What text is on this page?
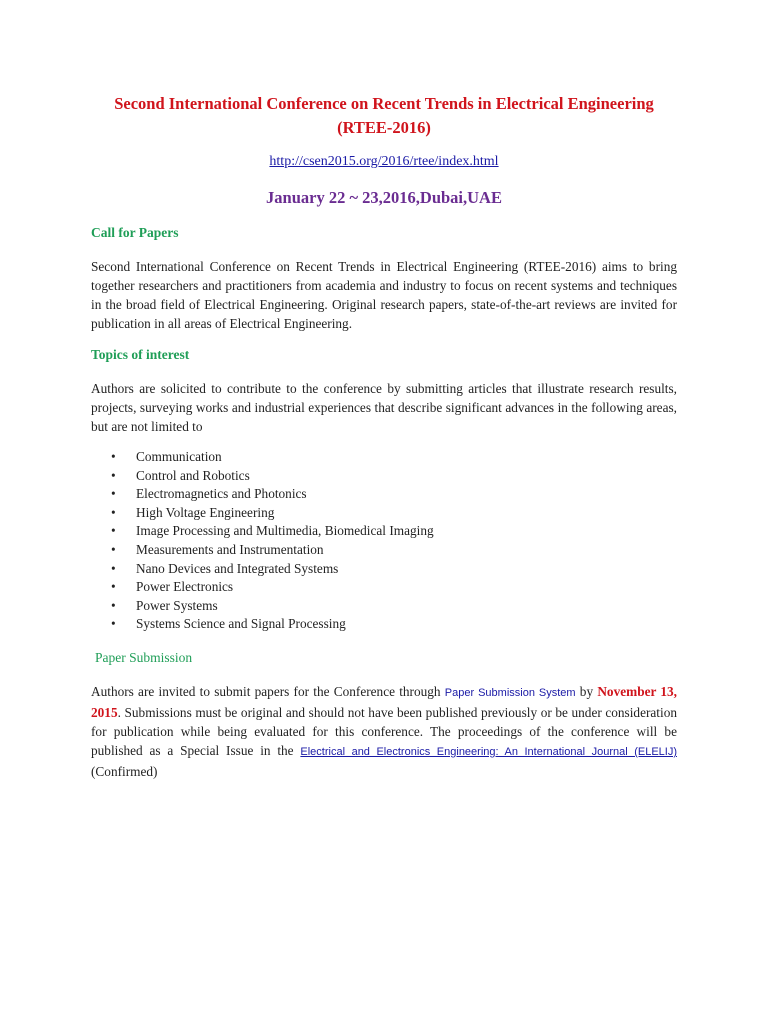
Second International Conference on Recent Trends in Electrical Engineering
(RTEE-2016)
http://csen2015.org/2016/rtee/index.html
January 22 ~ 23,2016,Dubai,UAE
Call for Papers
Second International Conference on Recent Trends in Electrical Engineering (RTEE-2016) aims to bring together researchers and practitioners from academia and industry to focus on recent systems and techniques in the broad field of Electrical Engineering. Original research papers, state-of-the-art reviews are invited for publication in all areas of Electrical Engineering.
Topics of interest
Authors are solicited to contribute to the conference by submitting articles that illustrate research results, projects, surveying works and industrial experiences that describe significant advances in the following areas, but are not limited to
• Communication
• Control and Robotics
• Electromagnetics and Photonics
• High Voltage Engineering
• Image Processing and Multimedia, Biomedical Imaging
• Measurements and Instrumentation
• Nano Devices and Integrated Systems
• Power Electronics
• Power Systems
• Systems Science and Signal Processing
Paper Submission
Authors are invited to submit papers for the Conference through Paper Submission System by November 13, 2015. Submissions must be original and should not have been published previously or be under consideration for publication while being evaluated for this conference. The proceedings of the conference will be published as a Special Issue in the Electrical and Electronics Engineering: An International Journal (ELELIJ) (Confirmed)
